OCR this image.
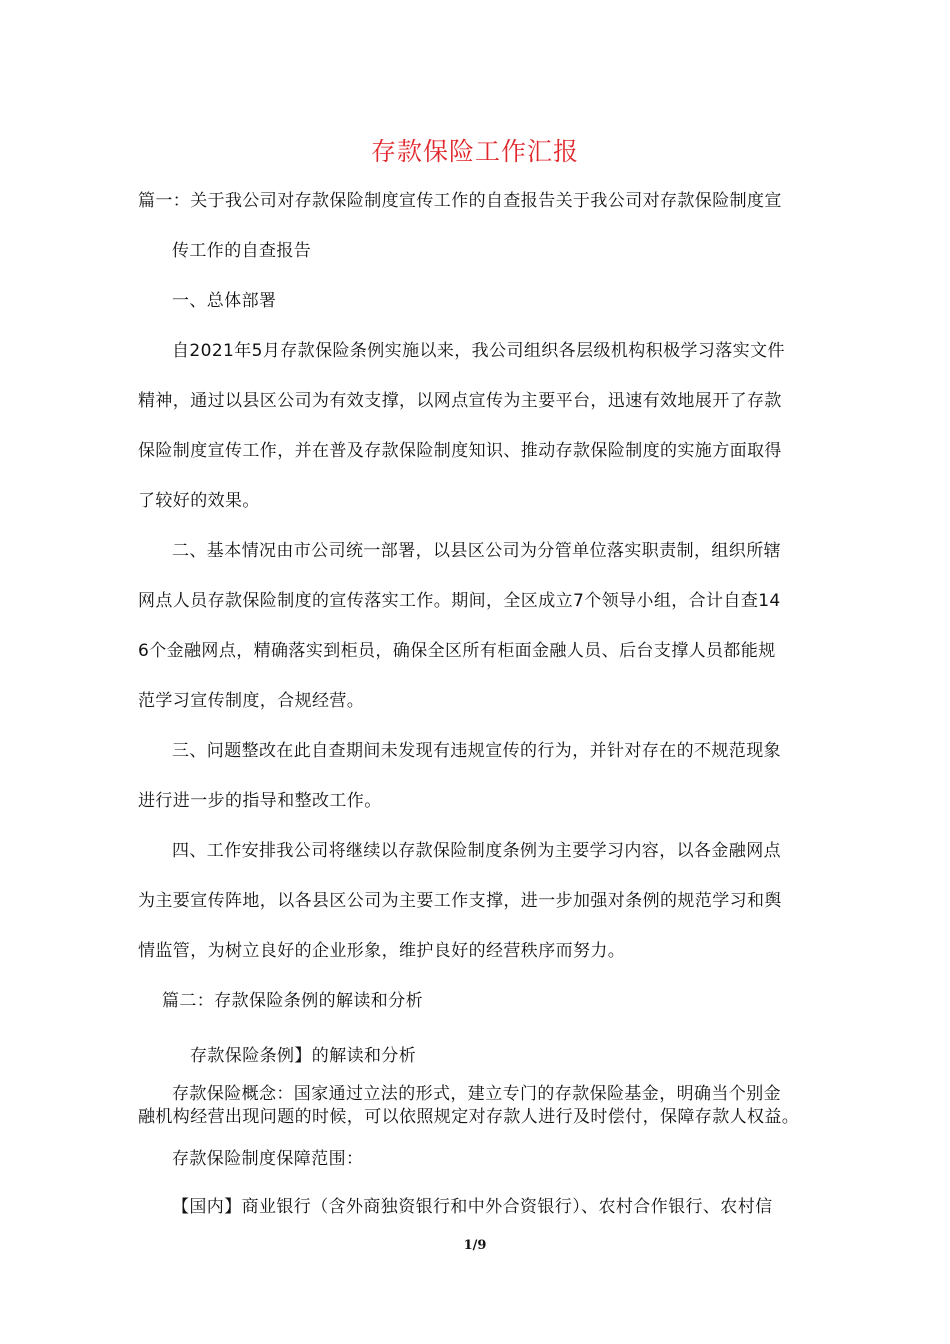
存款保险工作汇报
篇一：关于我公司对存款保险制度宣传工作的自查报告关于我公司对存款保险制度宣
传工作的自查报告
一、总体部署
自2021年5月存款保险条例实施以来，我公司组织各层级机构积极学习落实文件
精神，通过以县区公司为有效支撑，以网点宣传为主要平台，迅速有效地展开了存款
保险制度宣传工作，并在普及存款保险制度知识、推动存款保险制度的实施方面取得
了较好的效果。
二、基本情况由市公司统一部署，以县区公司为分管单位落实职责制，组织所辖
网点人员存款保险制度的宣传落实工作。期间，全区成立7个领导小组，合计自查14
6个金融网点，精确落实到柜员，确保全区所有柜面金融人员、后台支撑人员都能规
范学习宣传制度，合规经营。
三、问题整改在此自查期间未发现有违规宣传的行为，并针对存在的不规范现象
进行进一步的指导和整改工作。
四、工作安排我公司将继续以存款保险制度条例为主要学习内容，以各金融网点
为主要宣传阵地，以各县区公司为主要工作支撑，进一步加强对条例的规范学习和舆
情监管，为树立良好的企业形象，维护良好的经营秩序而努力。
篇二：存款保险条例的解读和分析
存款保险条例】的解读和分析
存款保险概念：国家通过立法的形式，建立专门的存款保险基金，明确当个别金
融机构经营出现问题的时候，可以依照规定对存款人进行及时偿付，保障存款人权益。
存款保险制度保障范围：
【国内】商业银行（含外商独资银行和中外合资银行）、农村合作银行、农村信
1/9
